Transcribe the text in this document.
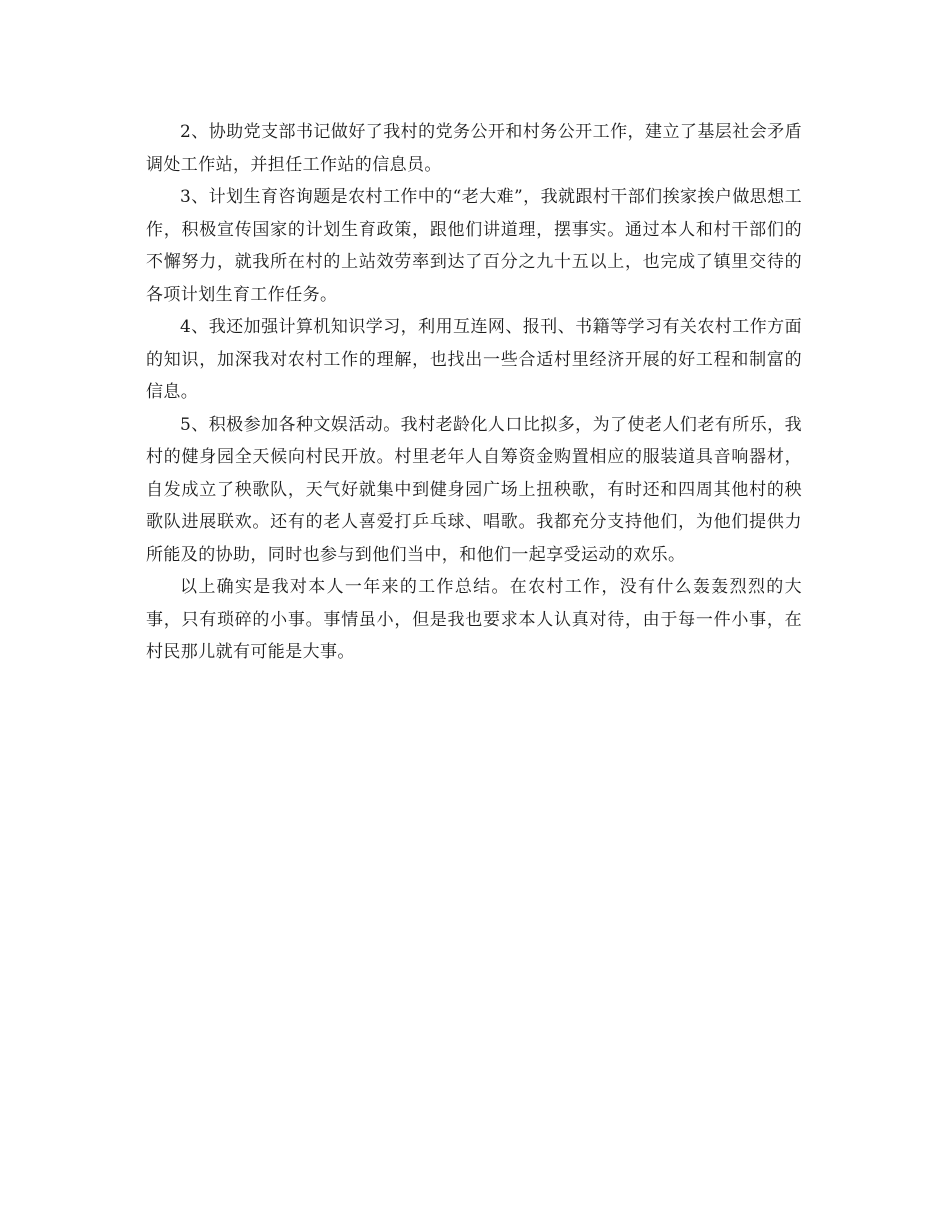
2、协助党支部书记做好了我村的党务公开和村务公开工作，建立了基层社会矛盾调处工作站，并担任工作站的信息员。

3、计划生育咨询题是农村工作中的“老大难”，我就跟村干部们挨家挨户做思想工作，积极宣传国家的计划生育政策，跟他们讲道理，摆事实。通过本人和村干部们的不懈努力，就我所在村的上站效劳率到达了百分之九十五以上，也完成了镇里交待的各项计划生育工作任务。

4、我还加强计算机知识学习，利用互连网、报刊、书籍等学习有关农村工作方面的知识，加深我对农村工作的理解，也找出一些合适村里经济开展的好工程和制富的信息。

5、积极参加各种文娱活动。我村老龄化人口比拟多，为了使老人们老有所乐，我村的健身园全天候向村民开放。村里老年人自筹资金购置相应的服装道具音响器材，自发成立了秧歌队，天气好就集中到健身园广场上扭秧歌，有时还和四周其他村的秧歌队进展联欢。还有的老人喜爱打乒乓球、唱歌。我都充分支持他们，为他们提供力所能及的协助，同时也参与到他们当中，和他们一起享受运动的欢乐。

以上确实是我对本人一年来的工作总结。在农村工作，没有什么轰轰烈烈的大事，只有琐碎的小事。事情虽小，但是我也要求本人认真对待，由于每一件小事，在村民那儿就有可能是大事。
